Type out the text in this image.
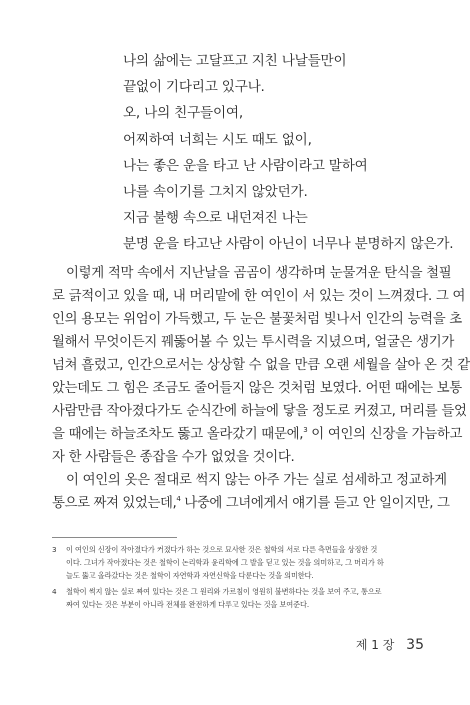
나의 삶에는 고달프고 지친 나날들만이
끝없이 기다리고 있구나.
오, 나의 친구들이여,
어찌하여 너희는 시도 때도 없이,
나는 좋은 운을 타고 난 사람이라고 말하여
나를 속이기를 그치지 않았던가.
지금 불행 속으로 내던져진 나는
분명 운을 타고난 사람이 아닌이 너무나 분명하지 않은가.
이렇게 적막 속에서 지난날을 곰곰이 생각하며 눈물겨운 탄식을 철필
로 긁적이고 있을 때, 내 머리맡에 한 여인이 서 있는 것이 느껴졌다. 그 여
인의 용모는 위엄이 가득했고, 두 눈은 불꽃처럼 빛나서 인간의 능력을 초
월해서 무엇이든지 꿰뚫어볼 수 있는 투시력을 지녔으며, 얼굴은 생기가
넘쳐 흘렀고, 인간으로서는 상상할 수 없을 만큼 오랜 세월을 살아 온 것 같
았는데도 그 힘은 조금도 줄어들지 않은 것처럼 보였다. 어떤 때에는 보통
사람만큼 작아졌다가도 순식간에 하늘에 닿을 정도로 커졌고, 머리를 들었
을 때에는 하늘조차도 뚫고 올라갔기 때문에,$^3$ 이 여인의 신장을 가늠하고
자 한 사람들은 종잡을 수가 없었을 것이다.
이 여인의 옷은 절대로 썩지 않는 아주 가는 실로 섬세하고 정교하게
통으로 짜져 있었는데,$^4$ 나중에 그녀에게서 얘기를 듣고 안 일이지만, 그
3 이 여인의 신장이 작아졌다가 커졌다가 하는 것으로 묘사한 것은 철학의 서로 다른 측면들을 상징한 것
이다. 그녀가 작아졌다는 것은 철학이 논리학과 윤리학에 그 발을 딛고 있는 것을 의미하고, 그 머리가 하
늘도 뚫고 올라갔다는 것은 철학이 자연학과 자연신학을 다룬다는 것을 의미한다.
4 철학이 썩지 않는 실로 짜여 있다는 것은 그 원리와 가르침이 영원히 불변하다는 것을 보여 주고, 통으로
짜여 있다는 것은 부분이 아니라 전체를 완전하게 다루고 있다는 것을 보여준다.
제 1 장 35
